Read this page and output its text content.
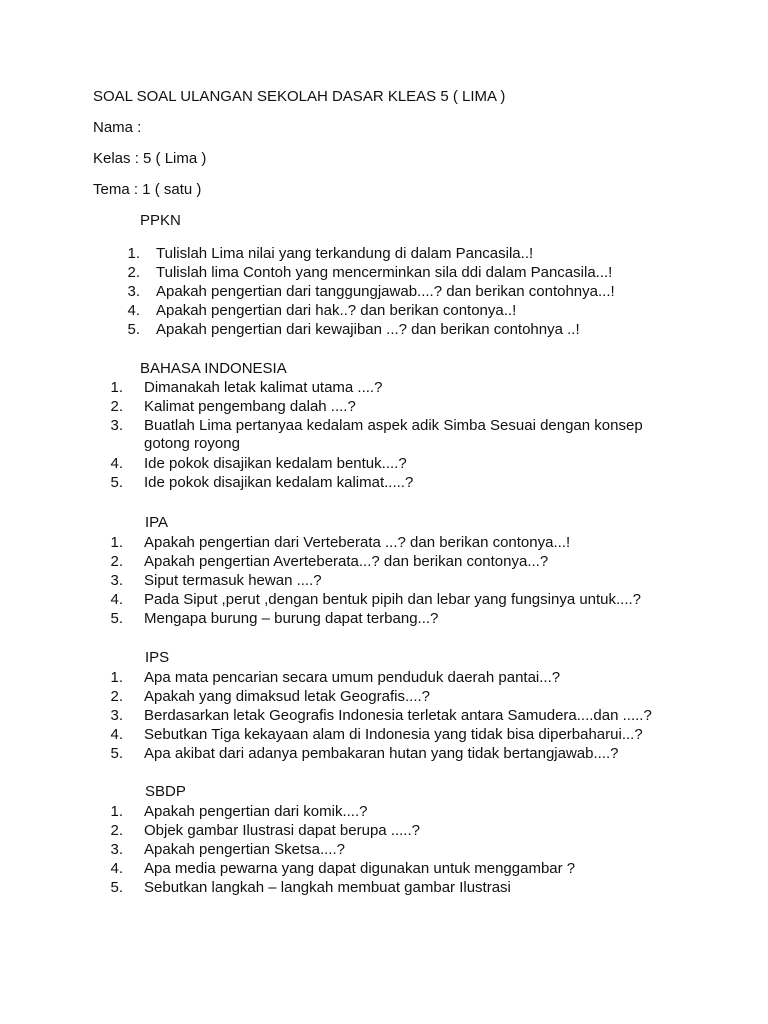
SOAL SOAL ULANGAN SEKOLAH DASAR KLEAS 5 ( LIMA )
Nama :
Kelas : 5 ( Lima )
Tema : 1 ( satu )
PPKN
1. Tulislah Lima nilai yang terkandung di dalam Pancasila..!
2. Tulislah lima Contoh yang mencerminkan sila ddi dalam Pancasila...!
3. Apakah pengertian dari tanggungjawab....? dan berikan contohnya...!
4. Apakah pengertian dari hak..? dan berikan contonya..!
5. Apakah pengertian dari kewajiban ...? dan berikan contohnya ..!
BAHASA INDONESIA
1. Dimanakah letak kalimat utama ....?
2. Kalimat pengembang dalah ....?
3. Buatlah Lima pertanyaa kedalam aspek adik Simba Sesuai dengan konsep gotong royong
4. Ide pokok disajikan kedalam bentuk....?
5. Ide pokok disajikan kedalam kalimat.....?
IPA
1. Apakah pengertian dari Verteberata ...? dan berikan contonya...!
2. Apakah pengertian Averteberata...? dan berikan contonya...?
3. Siput termasuk hewan ....?
4. Pada Siput ,perut ,dengan bentuk pipih dan lebar yang fungsinya untuk....?
5. Mengapa burung – burung dapat terbang...?
IPS
1. Apa mata pencarian secara umum penduduk daerah pantai...?
2. Apakah yang dimaksud letak Geografis....?
3. Berdasarkan letak Geografis Indonesia terletak antara Samudera....dan .....?
4. Sebutkan Tiga kekayaan alam di Indonesia yang tidak bisa diperbaharui...?
5. Apa akibat dari adanya pembakaran hutan yang tidak bertangjawab....?
SBDP
1. Apakah pengertian dari komik....?
2. Objek gambar Ilustrasi dapat berupa .....?
3. Apakah pengertian Sketsa....?
4. Apa media pewarna yang dapat digunakan untuk menggambar ?
5. Sebutkan langkah – langkah membuat gambar Ilustrasi
